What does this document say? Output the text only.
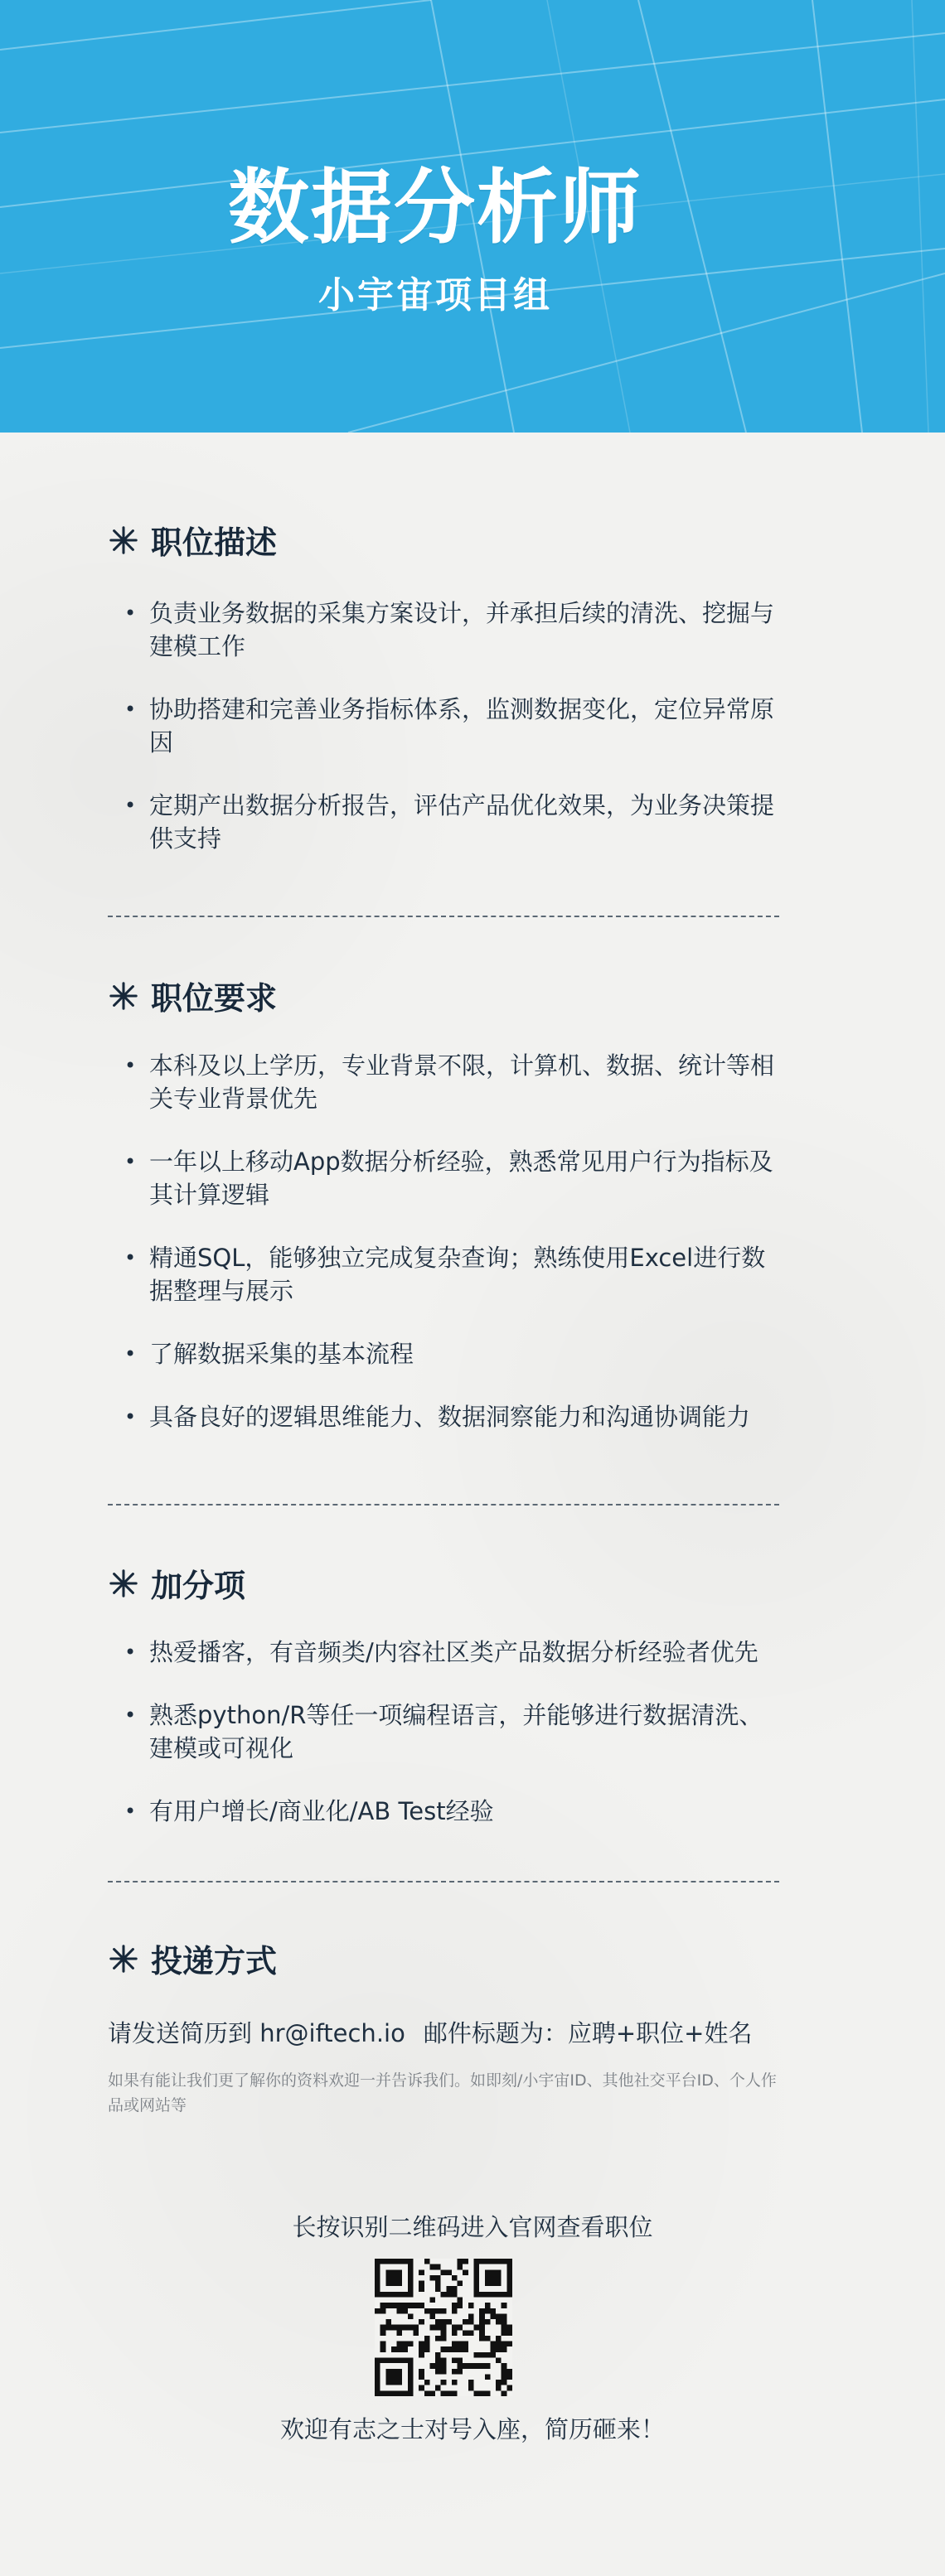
数据分析师
小宇宙项目组
职位描述
• 负责业务数据的采集方案设计，并承担后续的清洗、挖掘与建模工作
• 协助搭建和完善业务指标体系，监测数据变化，定位异常原因
• 定期产出数据分析报告，评估产品优化效果，为业务决策提供支持
职位要求
• 本科及以上学历，专业背景不限，计算机、数据、统计等相关专业背景优先
• 一年以上移动App数据分析经验，熟悉常见用户行为指标及其计算逻辑
• 精通SQL，能够独立完成复杂查询；熟练使用Excel进行数据整理与展示
• 了解数据采集的基本流程
• 具备良好的逻辑思维能力、数据洞察能力和沟通协调能力
加分项
• 热爱播客，有音频类/内容社区类产品数据分析经验者优先
• 熟悉python/R等任一项编程语言，并能够进行数据清洗、建模或可视化
• 有用户增长/商业化/AB Test经验
投递方式

请发送简历到 hr@iftech.io 邮件标题为：应聘+职位+姓名

如果有能让我们更了解你的资料欢迎一并告诉我们。如即刻/小宇宙ID、其他社交平台ID、个人作品或网站等

长按识别二维码进入官网查看职位

欢迎有志之士对号入座，简历砸来！
